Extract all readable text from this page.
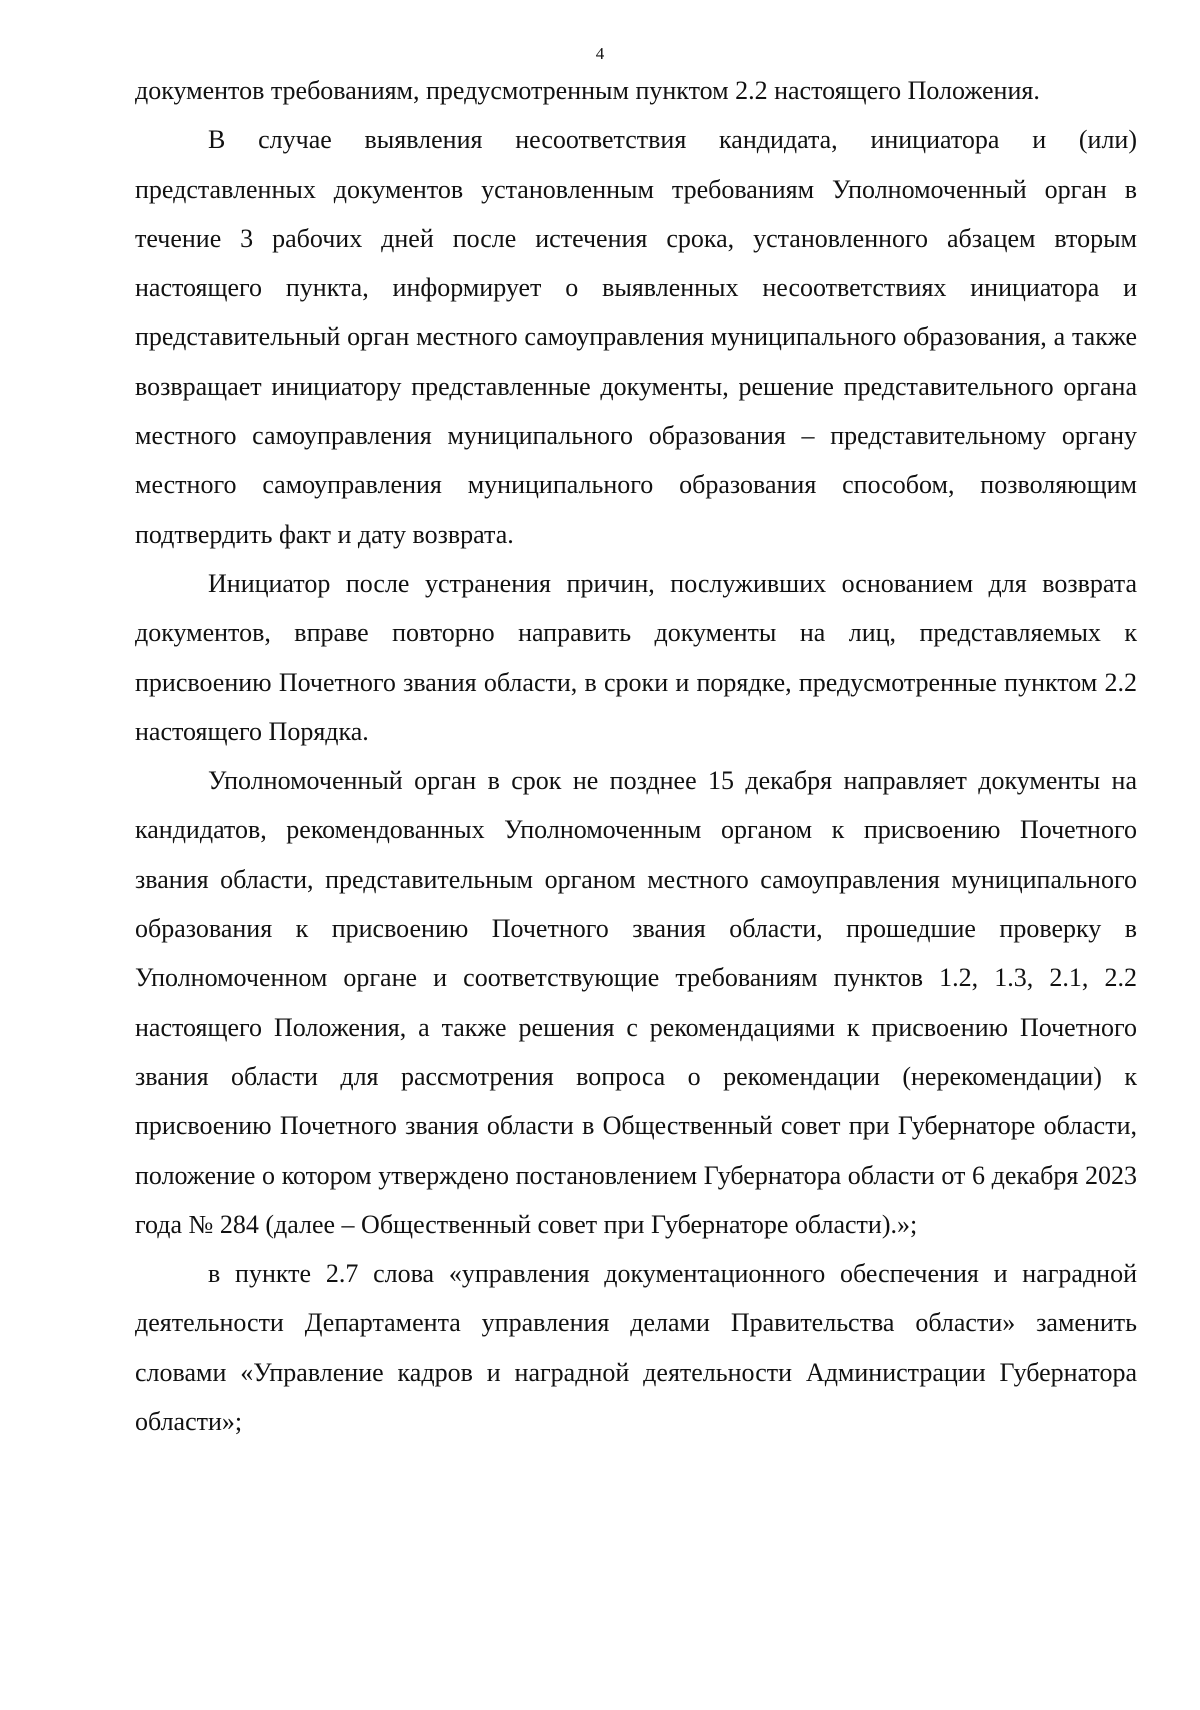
4

документов требованиям, предусмотренным пунктом 2.2 настоящего Положения.

В случае выявления несоответствия кандидата, инициатора и (или) представленных документов установленным требованиям Уполномоченный орган в течение 3 рабочих дней после истечения срока, установленного абзацем вторым настоящего пункта, информирует о выявленных несоответствиях инициатора и представительный орган местного самоуправления муниципального образования, а также возвращает инициатору представленные документы, решение представительного органа местного самоуправления муниципального образования – представительному органу местного самоуправления муниципального образования способом, позволяющим подтвердить факт и дату возврата.

Инициатор после устранения причин, послуживших основанием для возврата документов, вправе повторно направить документы на лиц, представляемых к присвоению Почетного звания области, в сроки и порядке, предусмотренные пунктом 2.2 настоящего Порядка.

Уполномоченный орган в срок не позднее 15 декабря направляет документы на кандидатов, рекомендованных Уполномоченным органом к присвоению Почетного звания области, представительным органом местного самоуправления муниципального образования к присвоению Почетного звания области, прошедшие проверку в Уполномоченном органе и соответствующие требованиям пунктов 1.2, 1.3, 2.1, 2.2 настоящего Положения, а также решения с рекомендациями к присвоению Почетного звания области для рассмотрения вопроса о рекомендации (нерекомендации) к присвоению Почетного звания области в Общественный совет при Губернаторе области, положение о котором утверждено постановлением Губернатора области от 6 декабря 2023 года № 284 (далее – Общественный совет при Губернаторе области).»;

в пункте 2.7 слова «управления документационного обеспечения и наградной деятельности Департамента управления делами Правительства области» заменить словами «Управление кадров и наградной деятельности Администрации Губернатора области»;
